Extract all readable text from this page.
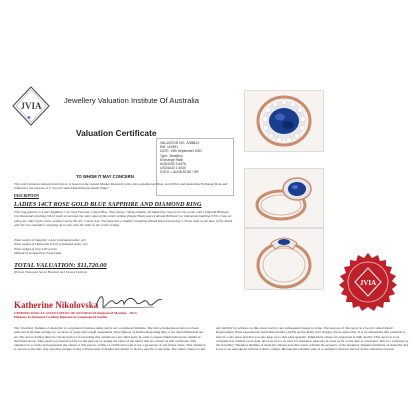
JVIA
Jewellery Valuation Institute Of Australia
Valuation Certificate
VALUATION NO: JV88824
Ref: 167891
DATE: 19th September 2022
Type: Jewellery
Exchange Rate:
AUD/USD 0.6476
USD/AUD 1.5440
GOLD = AUD$ 83.88 / GR
TO WHOM IT MAY CONCERN
The total valuation amount listed below is based on the current Market Research at the above-mentioned Date, Gold Price and Australian Exchange Rate and Valued for the purpose of a "Good Crafted Retail Replacement Value"
DESCRIPTION
LADIES 14CT ROSE GOLD BLUE SAPPHIRE AND DIAMOND RING
This ring features a 4.44ct Sapphire, Cut-Oval Faceted, Colour-Blue, Tone-Deep, Clarity-Slightly Included four claw set in the center with 16 Round Brilliant Cut Diamonds totalling 0.81ct bezel set around the outer edge of the centre setting (Single Halo) and 12 Round Brilliant Cut Diamonds totalling 0.35ct claw set along the sides of the centre setting Clarity SI1-P1, Colour I-K. The band has a slightly rounded polished finish measuring 1.75mm wide at the base of the shank with the two shoulders sweeping up to join onto the sides of the centre setting.
Total weight of Sapphire 4.44ct (estimated wider set)
Total weight of Diamonds 0.91ct (estimated wider set)
Total weight of ring 4.05 grams
Method of manufacture hand made
TOTAL VALUATION: $11,720.00
(Eleven Thousand Seven Hundred and Twenty Dollars)
JVIA
Katherine Nikolovska
GEMMOLOGICAL ASSOCIATION OF AUSTRALIA Registered Member - 3013
Diploma in Diamond Grading Diploma in Gemological Studies
The 'Jewellery Institute of Australia' is a registered business name and is not a registered institute. The above items/pieces have not been removed from their settings for accurate of grade and weight assessment. Descriptions of diamonds/grading may occur when Diamonds are set. The above item(s) must be checked prior to forwarding this valuation to any third party in order to ensure Diamonds/stones remain as described above. This report is prepared solely for the purpose of stating the value of the item/s that are valued on this certificate. This valuation is accurate and represents the values of this piece/s at time of certification and is not a guarantee of any future value. This valuation is current as the date only and may change owing to fluctuation of market movement or factors specific to the item. The valuer cannot accept any liability for reliance on this report and for any subsequent change in value. The purpose of this report is a Good Crafted Retail Replacement Value expressed in Australian Dollars (AUD) and includes GST charges where applicable. It is recommended this valuation is kept in a safe place and that you also keep up to date photographic. Emulations values are expressed at high quality. This report is to be considered as reliable on its date, however not to be used for insurance purposes in cases as far as the data is concerned. This is a valuation by the Jewellery Valuation Institute of Australia. Please note this report remains the property of the Jewellery Valuation Institute of Australia and is not to be reproduced without written consent. Photograph valuable only as a customer's interest and not an the valuation concern.
